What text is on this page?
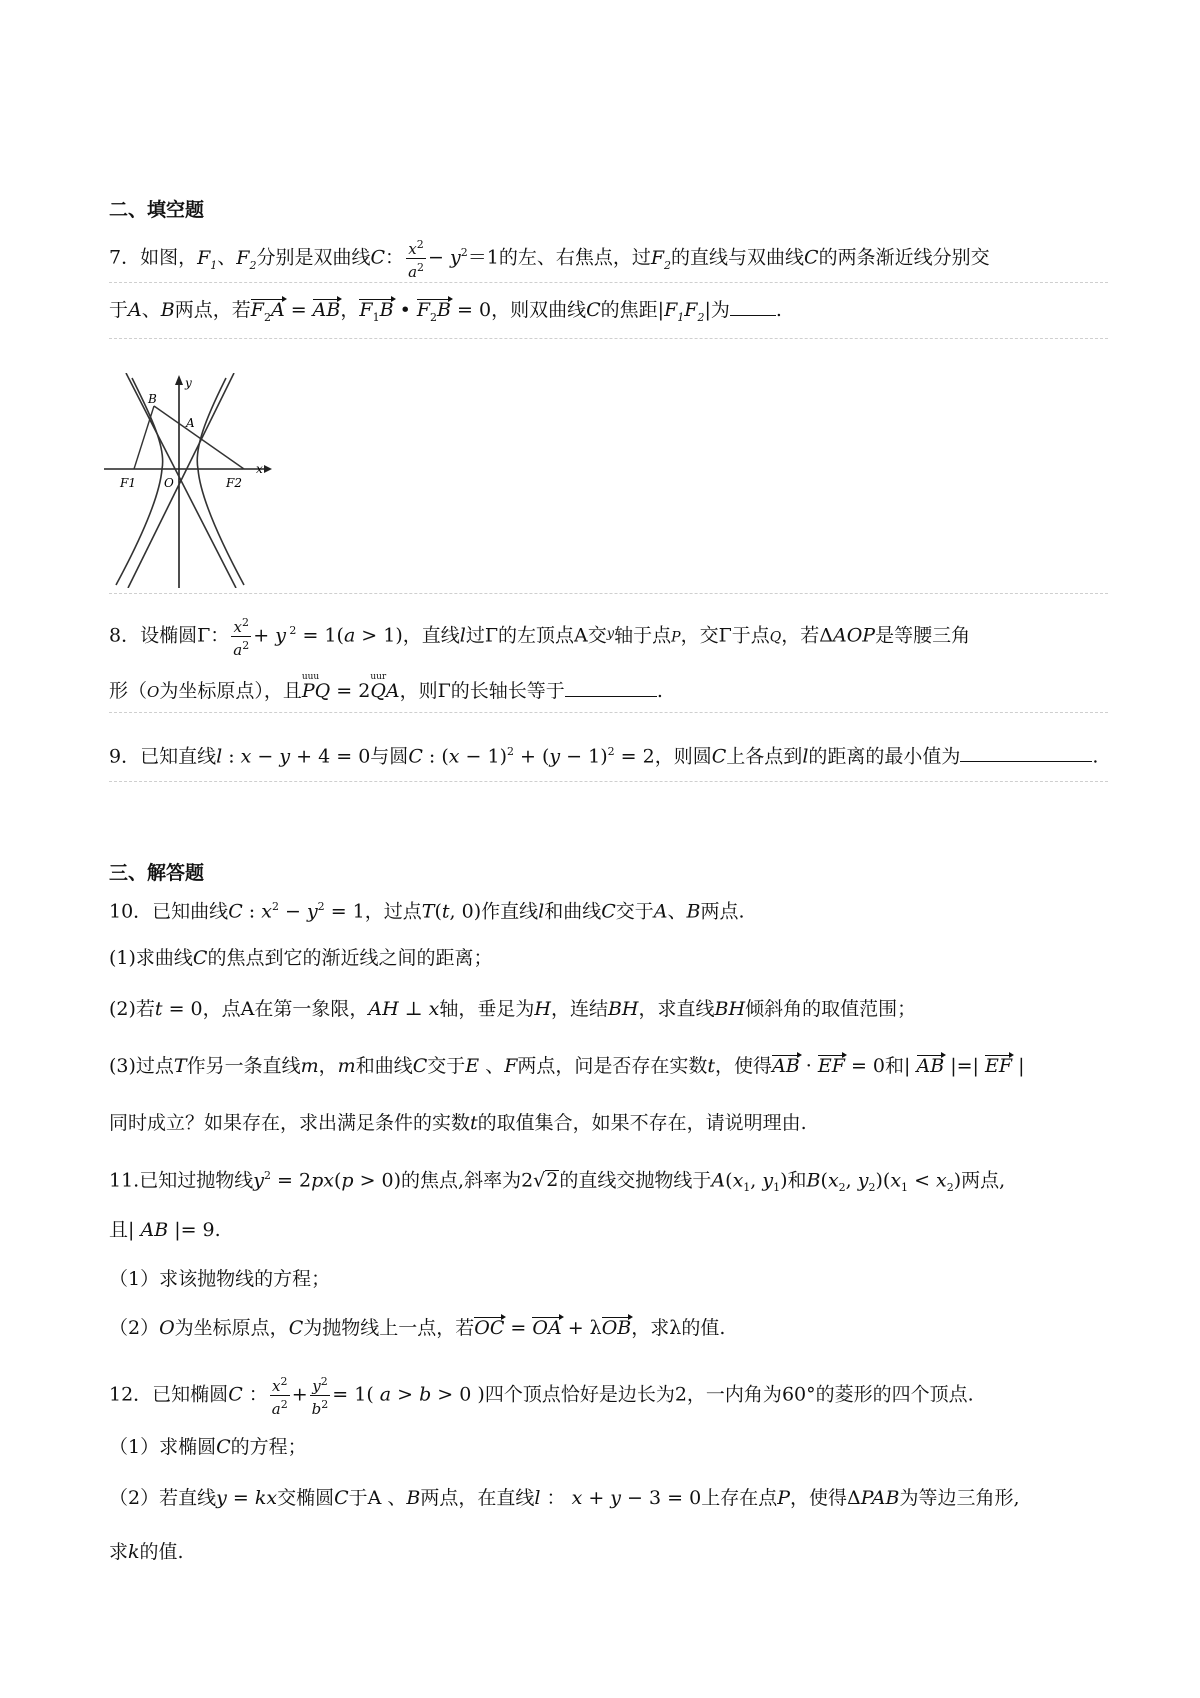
二、填空题
7．如图，$F_1$、$F_2$分别是双曲线C： $\frac{x^2}{a^2} - y^2=1$的左、右焦点，过$F_2$的直线与双曲线C的两条渐近线分别交
于A、B两点，若$F_2A$ = AB，$F_1B$ • $F_2B = 0$，则双曲线C的焦距$|F_1F_2|$为 .
y
B
A
F1 O	F2
x
8．设椭圆Γ： $\frac{x^2}{a^2} + y$ $^2$ = 1(a > 1)，直线l过Γ的左顶点A交$^y$轴于点P，交Γ于点Q，若ΔAOP是等腰三角
形（O为坐标原点），且
uuu
PQ = 2
uur
QA，则Γ的长轴长等于	.
9．已知直线l : x − y + 4 = 0与圆C : $(x - 1)^2 + (y - 1)^2 = 2$，则圆C上各点到l的距离的最小值为	.
三、解答题
10．已知曲线C : $x^2 - y^2 = 1$，过点T(t, 0)作直线l和曲线C交于A、B两点.
(1)求曲线C的焦点到它的渐近线之间的距离；
(2)若t = 0，点A在第一象限，AH ⊥ x轴，垂足为H，连结BH，求直线BH倾斜角的取值范围；
(3)过点T作另一条直线m，m和曲线C交于E 、F两点，问是否存在实数t，使得AB · EF = 0和| AB |=| EF |
同时成立？如果存在，求出满足条件的实数t的取值集合，如果不存在，请说明理由.
11.已知过抛物线$y^2 = 2px(p > 0)$的焦点,斜率为2√2的直线交抛物线于$A(x_1$, $y_1$)和$B(x_2$, $y_2)(x_1 < x_2)$两点,
且| AB |= 9.
（1）求该抛物线的方程；
（2）O为坐标原点，C为抛物线上一点，若OC = OA + λOB，求λ的值.
12．已知椭圆C ： $\frac{x^2}{a^2} + \frac{y^2}{b^2} = 1$( a > b > 0 )四个顶点恰好是边长为2，一内角为60°的菱形的四个顶点.
（1）求椭圆C的方程；
（2）若直线y = kx交椭圆C于A 、B两点，在直线l ： x + y − 3 = 0上存在点P，使得ΔPAB为等边三角形,
求k的值.
